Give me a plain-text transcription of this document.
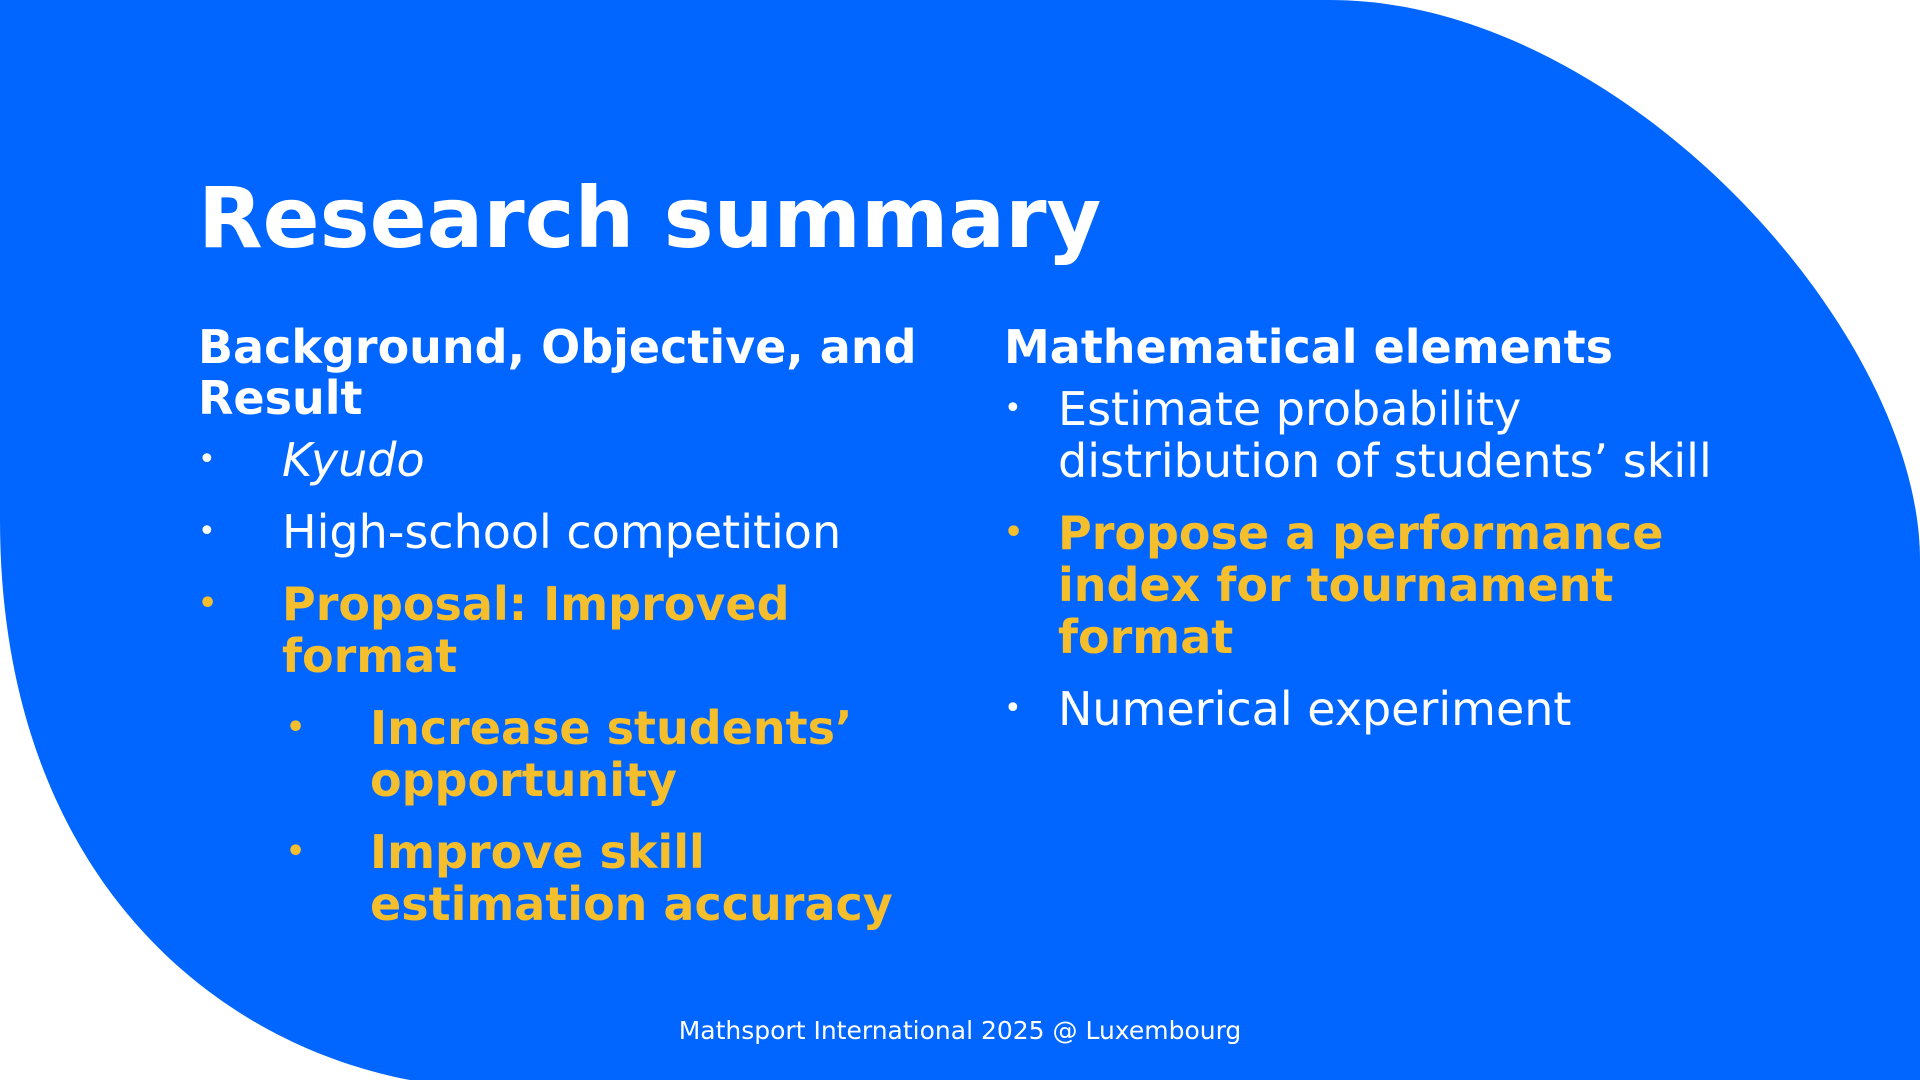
Research summary
Background, Objective, and Result
• Kyudo
• High-school competition
• Proposal: Improved format
• Increase students’ opportunity
• Improve skill estimation accuracy
Mathematical elements
• Estimate probability distribution of students’ skill
• Propose a performance index for tournament format
• Numerical experiment
Mathsport International 2025 @ Luxembourg
